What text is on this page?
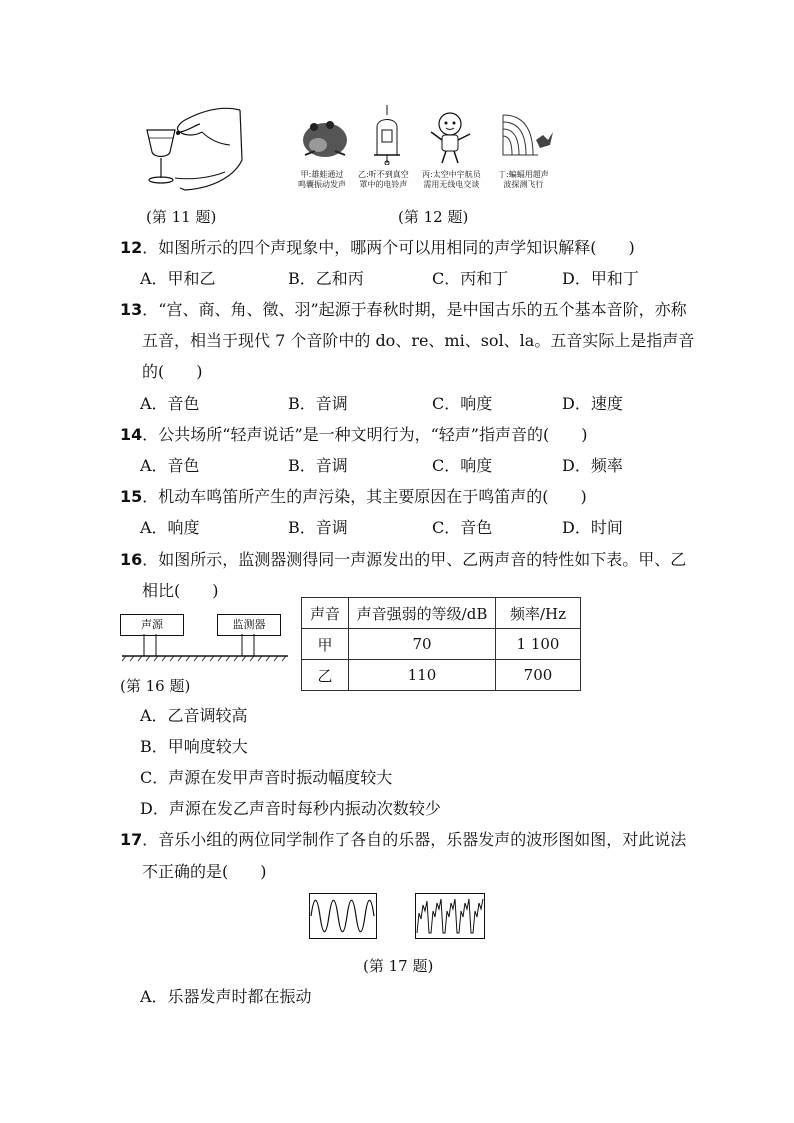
甲:雄蛙通过
鸣囊振动发声
乙:听不到真空
罩中的电铃声
丙:太空中宇航员
需用无线电交谈
丁:蝙蝠用超声
波探测飞行
(第 11 题)	(第 12 题)
12．如图所示的四个声现象中，哪两个可以用相同的声学知识解释(　　)
A．甲和乙	B．乙和丙	C．丙和丁	D．甲和丁
13．“宫、商、角、徵、羽”起源于春秋时期，是中国古乐的五个基本音阶，亦称
五音，相当于现代 7 个音阶中的 do、re、mi、sol、la。五音实际上是指声音
的(　　)
A．音色	B．音调	C．响度	D．速度
14．公共场所“轻声说话”是一种文明行为，“轻声”指声音的(　　)
A．音色	B．音调	C．响度	D．频率
15．机动车鸣笛所产生的声污染，其主要原因在于鸣笛声的(　　)
A．响度	B．音调	C．音色	D．时间
16．如图所示，监测器测得同一声源发出的甲、乙两声音的特性如下表。甲、乙
相比(　　)
声源	监测器
(第 16 题)
声音	声音强弱的等级/dB	频率/Hz
甲	70	1 100
乙	110	700
A．乙音调较高
B．甲响度较大
C．声源在发甲声音时振动幅度较大
D．声源在发乙声音时每秒内振动次数较少
17．音乐小组的两位同学制作了各自的乐器，乐器发声的波形图如图，对此说法
不正确的是(　　)
(第 17 题)
A．乐器发声时都在振动
